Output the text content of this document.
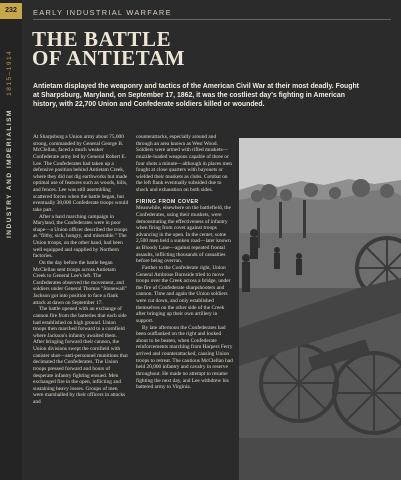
232
INDUSTRY AND IMPERIALISM    1815–1914
EARLY INDUSTRIAL WARFARE
THE BATTLE
OF ANTIETAM

Antietam displayed the weaponry and tactics of the American Civil War at their most deadly. Fought at Sharpsburg, Maryland, on September 17, 1862, it was the costliest day's fighting in American history, with 22,700 Union and Confederate soldiers killed or wounded.

At Sharpsburg a Union army about 75,000 strong, commanded by General George B. McClellan, faced a much weaker Confederate army led by General Robert E. Lee. The Confederates had taken up a defensive position behind Antietam Creek, where they did not dig earthworks but made optimal use of features such as woods, hills, and fences. Lee was still assembling scattered forces when the battle began, but eventually 38,000 Confederate troops would take part.

After a hard marching campaign in Maryland, the Confederates were in poor shape—a Union officer described the troops as "filthy, sick, hungry, and miserable." The Union troops, on the other hand, had been well equipped and supplied by Northern factories.

On the day before the battle began McClellan sent troops across Antietam Creek to General Lee's left. The Confederates observed the movement, and soldiers under General Thomas "Stonewall" Jackson got into position to face a flank attack at dawn on September 17.

The battle opened with an exchange of cannon fire from the batteries that each side had established on high ground. Union troops then marched forward to a cornfield where Jackson's infantry awaited them. After bringing forward their cannon, the Union divisions swept the cornfield with canister shot—anti-personnel munitions that decimated the Confederates. The Union troops pressed forward and hours of desperate infantry fighting ensued. Men exchanged fire in the open, inflicting and sustaining heavy losses. Groups of men were marshalled by their officers in attacks and

counterattacks, especially around and through an area known as West Wood. Soldiers were armed with rifled muskets—muzzle-loaded weapons capable of three or four shots a minute—although in places men fought at close quarters with bayonets or wielded their muskets as clubs. Combat on the left flank eventually subsided due to shock and exhaustion on both sides.

FIRING FROM COVER

Meanwhile, elsewhere on the battlefield, the Confederates, using their muskets, were demonstrating the effectiveness of infantry when firing from cover against troops advancing in the open. In the center, some 2,500 men held a sunken road—later known as Bloody Lane—against repeated frontal assaults, inflicting thousands of casualties before being overrun.

Farther to the Confederate right, Union General Ambrose Burnside tried to move troops over the Creek across a bridge, under the fire of Confederate sharpshooters and cannon. Time and again the Union soldiers were cut down, and only established themselves on the other side of the Creek after bringing up their own artillery in support.

By late afternoon the Confederates had been outflanked on the right and looked about to be beaten, when Confederate reinforcements marching from Harpers Ferry arrived and counterattacked, causing Union troops to retreat. The cautious McClellan had held 20,000 infantry and cavalry in reserve throughout. He made no attempt to resume fighting the next day, and Lee withdrew his battered army to Virginia.
